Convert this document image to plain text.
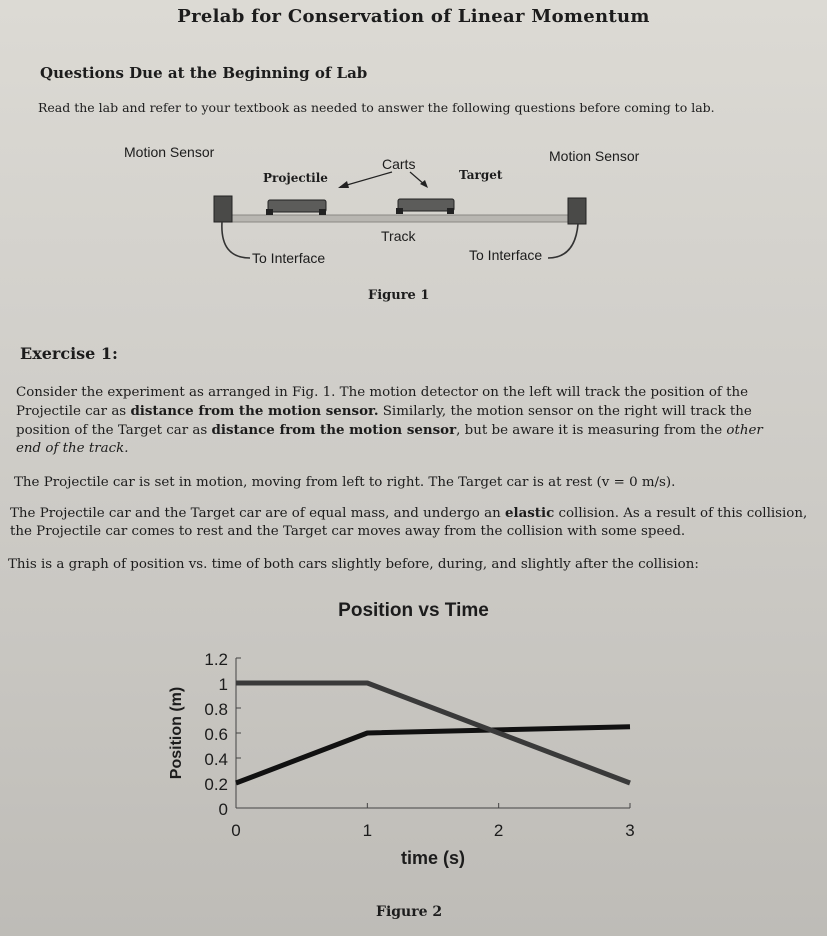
Prelab for Conservation of Linear Momentum
Questions Due at the Beginning of Lab
Read the lab and refer to your textbook as needed to answer the following questions before coming to lab.
Motion Sensor	Motion Sensor
Carts
Projectile	Target
Track
To Interface	To Interface
Figure 1
Exercise 1:
Consider the experiment as arranged in Fig. 1. The motion detector on the left will track the position of the Projectile car as distance from the motion sensor. Similarly, the motion sensor on the right will track the position of the Target car as distance from the motion sensor, but be aware it is measuring from the other end of the track.
The Projectile car is set in motion, moving from left to right. The Target car is at rest (v = 0 m/s).
The Projectile car and the Target car are of equal mass, and undergo an elastic collision. As a result of this collision, the Projectile car comes to rest and the Target car moves away from the collision with some speed.
This is a graph of position vs. time of both cars slightly before, during, and slightly after the collision:
Position vs Time
0
0.2
0.4
0.6
0.8
1
1.2
0	1	2	3
time (s)
Position (m)
Figure 2
